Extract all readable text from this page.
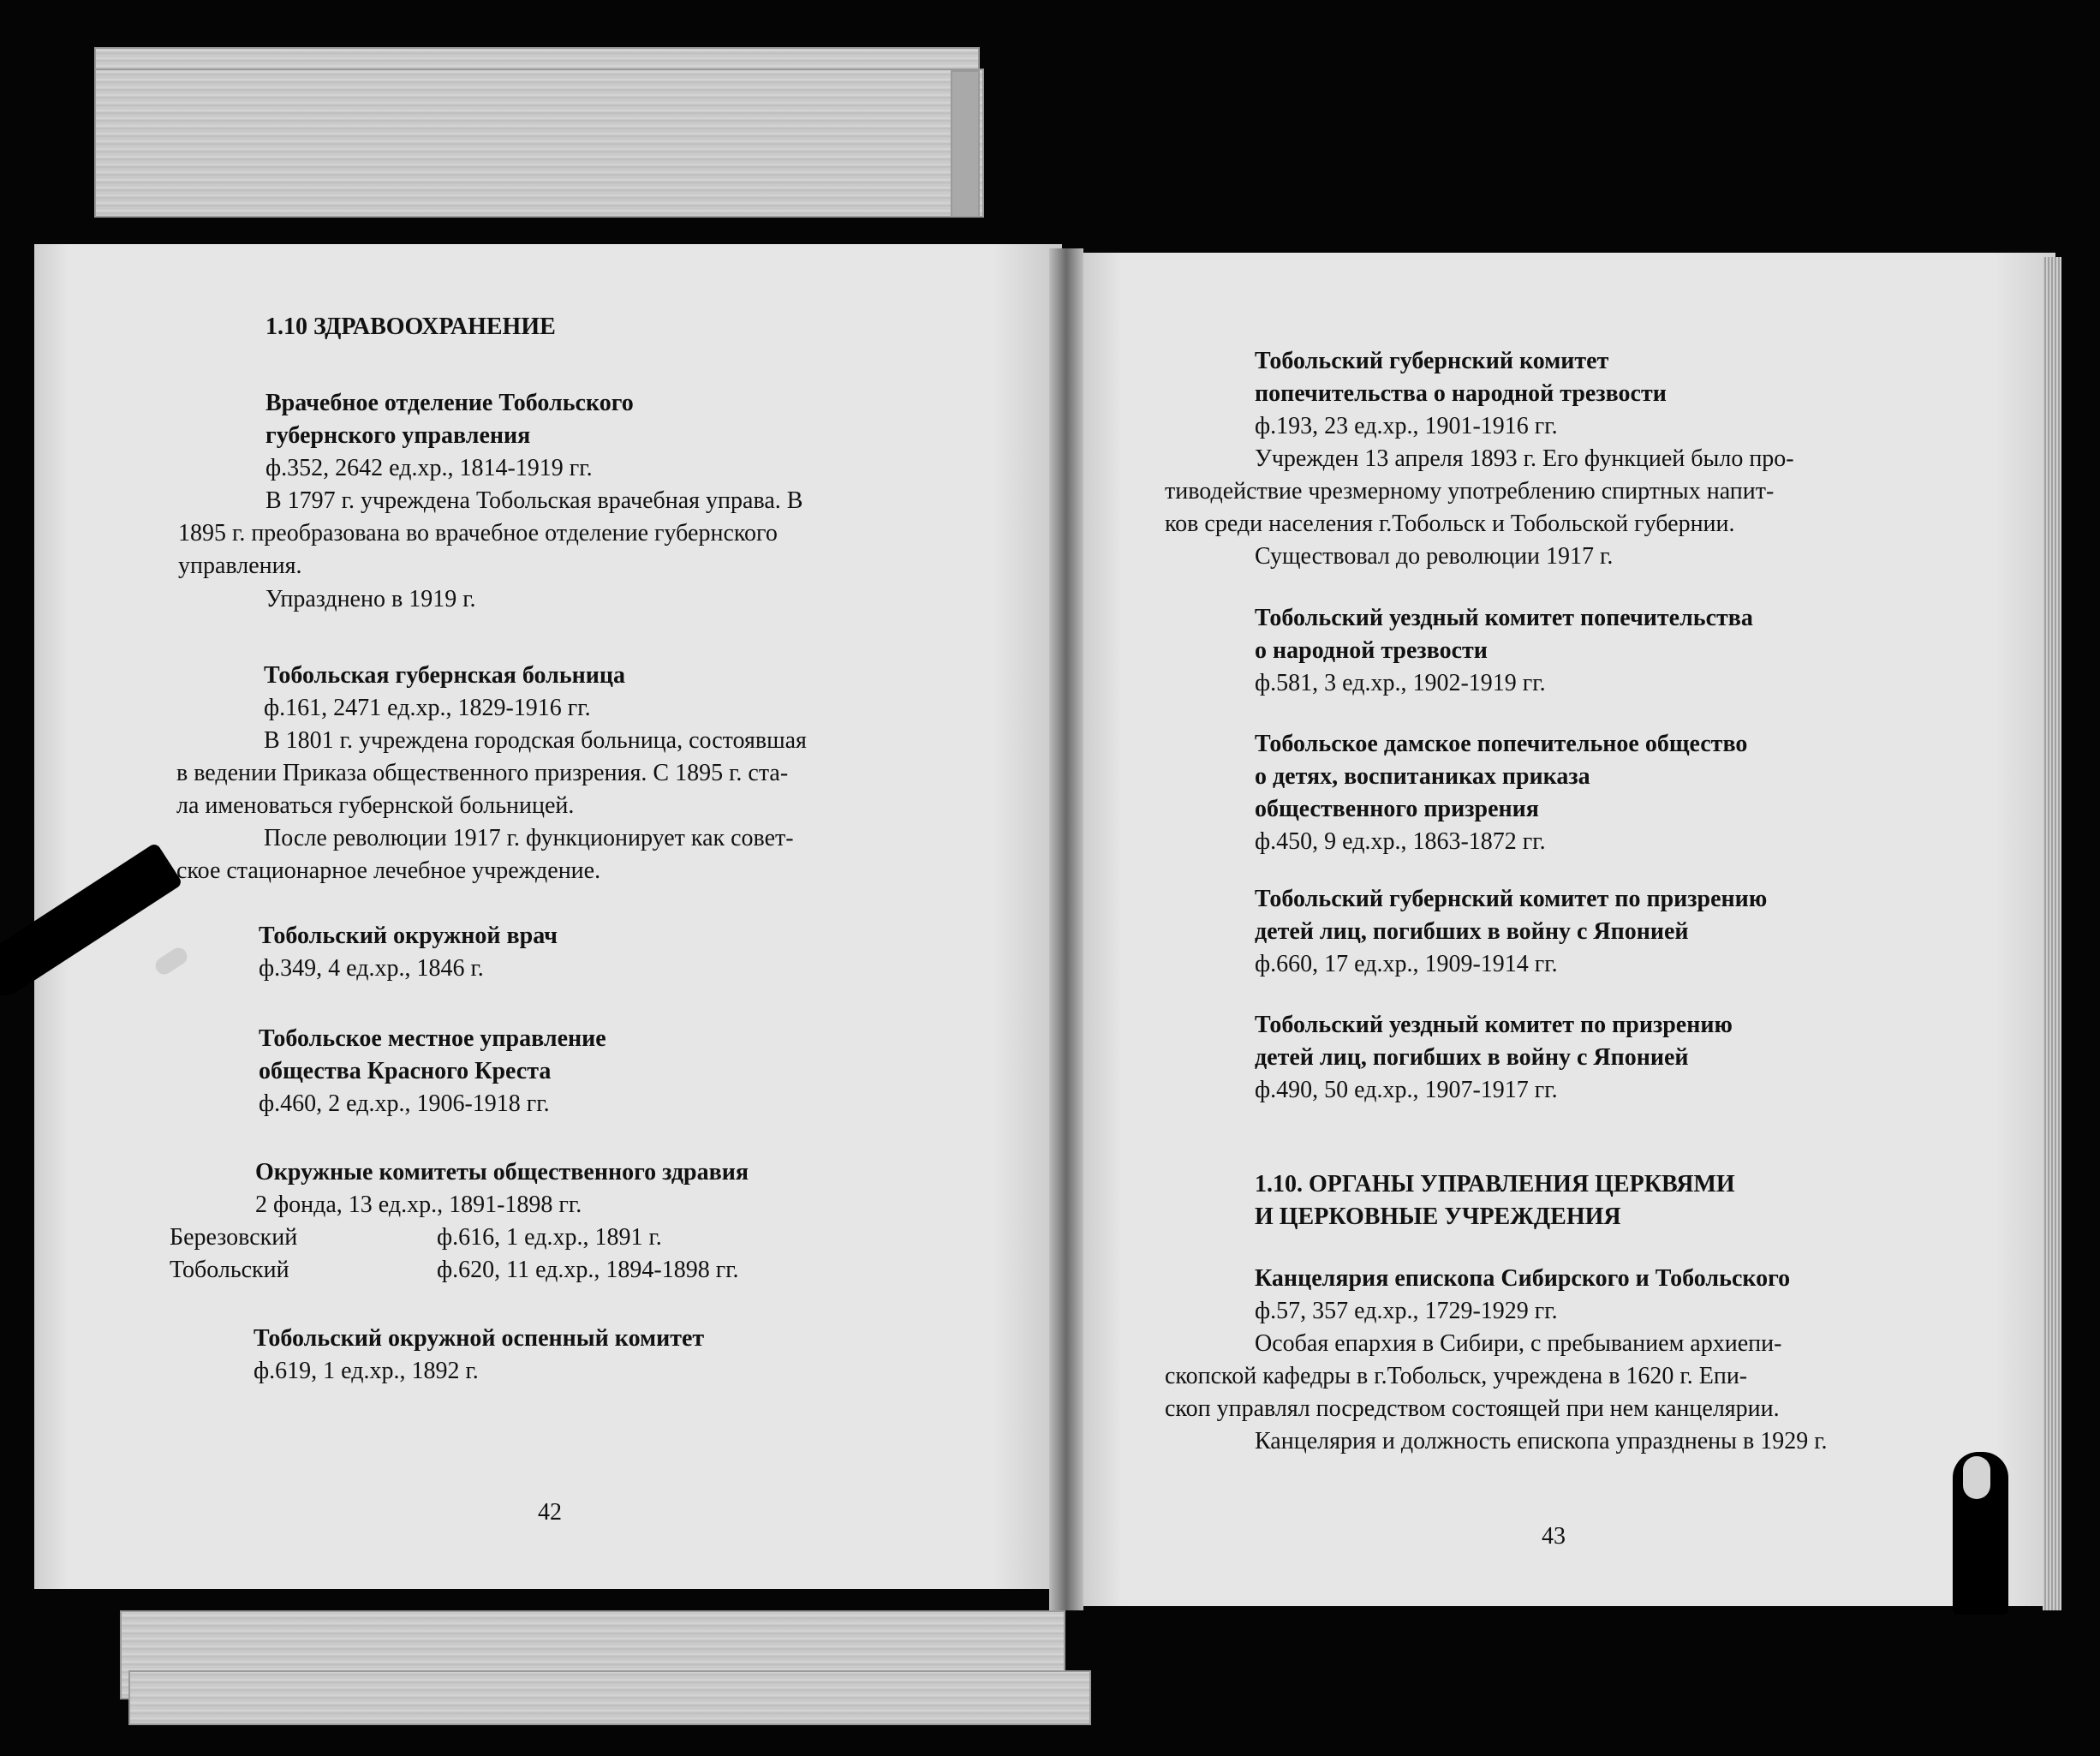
1.10 ЗДРАВООХРАНЕНИЕ
Врачебное отделение Тобольского
губернского управления
ф.352, 2642 ед.хр., 1814-1919 гг.
В 1797 г. учреждена Тобольская врачебная управа. В
1895 г. преобразована во врачебное отделение губернского
управления.
Упразднено в 1919 г.
Тобольская губернская больница
ф.161, 2471 ед.хр., 1829-1916 гг.
В 1801 г. учреждена городская больница, состоявшая
в ведении Приказа общественного призрения. С 1895 г. ста-
ла именоваться губернской больницей.
После революции 1917 г. функционирует как совет-
ское стационарное лечебное учреждение.
Тобольский окружной врач
ф.349, 4 ед.хр., 1846 г.
Тобольское местное управление
общества Красного Креста
ф.460, 2 ед.хр., 1906-1918 гг.
Окружные комитеты общественного здравия
2 фонда, 13 ед.хр., 1891-1898 гг.
Березовский	ф.616, 1 ед.хр., 1891 г.
Тобольский	ф.620, 11 ед.хр., 1894-1898 гг.
Тобольский окружной оспенный комитет
ф.619, 1 ед.хр., 1892 г.
42
Тобольский губернский комитет
попечительства о народной трезвости
ф.193, 23 ед.хр., 1901-1916 гг.
Учрежден 13 апреля 1893 г. Его функцией было про-
тиводействие чрезмерному употреблению спиртных напит-
ков среди населения г.Тобольск и Тобольской губернии.
Существовал до революции 1917 г.
Тобольский уездный комитет попечительства
о народной трезвости
ф.581, 3 ед.хр., 1902-1919 гг.
Тобольское дамское попечительное общество
о детях, воспитаниках приказа
общественного призрения
ф.450, 9 ед.хр., 1863-1872 гг.
Тобольский губернский комитет по призрению
детей лиц, погибших в войну с Японией
ф.660, 17 ед.хр., 1909-1914 гг.
Тобольский уездный комитет по призрению
детей лиц, погибших в войну с Японией
ф.490, 50 ед.хр., 1907-1917 гг.
1.10. ОРГАНЫ УПРАВЛЕНИЯ ЦЕРКВЯМИ
И ЦЕРКОВНЫЕ УЧРЕЖДЕНИЯ
Канцелярия епископа Сибирского и Тобольского
ф.57, 357 ед.хр., 1729-1929 гг.
Особая епархия в Сибири, с пребыванием архиепи-
скопской кафедры в г.Тобольск, учреждена в 1620 г. Епи-
скоп управлял посредством состоящей при нем канцелярии.
Канцелярия и должность епископа упразднены в 1929 г.
43
